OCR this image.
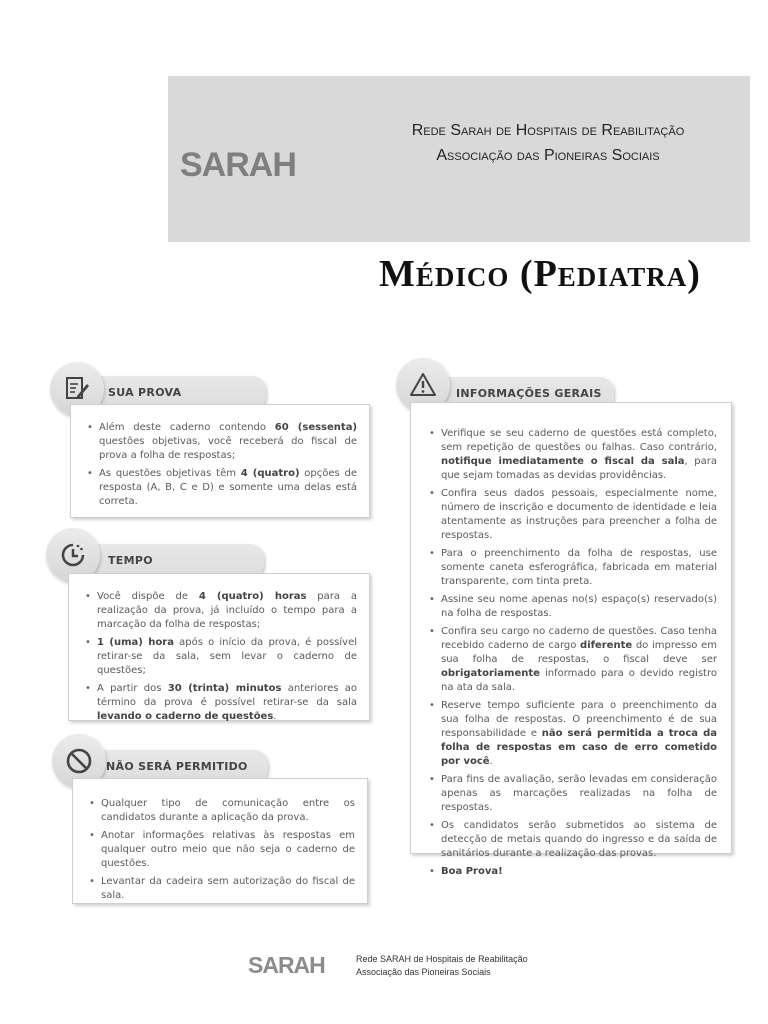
SARAH
Rede Sarah de Hospitais de Reabilitação
Associação das Pioneiras Sociais
Médico (Pediatra)
SUA PROVA
• Além deste caderno contendo 60 (sessenta) questões objetivas, você receberá do fiscal de prova a folha de respostas;
• As questões objetivas têm 4 (quatro) opções de resposta (A, B, C e D) e somente uma delas está correta.
TEMPO
• Você dispõe de 4 (quatro) horas para a realização da prova, já incluído o tempo para a marcação da folha de respostas;
• 1 (uma) hora após o início da prova, é possível retirar-se da sala, sem levar o caderno de questões;
• A partir dos 30 (trinta) minutos anteriores ao término da prova é possível retirar-se da sala levando o caderno de questões.
NÃO SERÁ PERMITIDO
• Qualquer tipo de comunicação entre os candidatos durante a aplicação da prova.
• Anotar informações relativas às respostas em qualquer outro meio que não seja o caderno de questões.
• Levantar da cadeira sem autorização do fiscal de sala.
INFORMAÇÕES GERAIS
• Verifique se seu caderno de questões está completo, sem repetição de questões ou falhas. Caso contrário, notifique imediatamente o fiscal da sala, para que sejam tomadas as devidas providências.
• Confira seus dados pessoais, especialmente nome, número de inscrição e documento de identidade e leia atentamente as instruções para preencher a folha de respostas.
• Para o preenchimento da folha de respostas, use somente caneta esferográfica, fabricada em material transparente, com tinta preta.
• Assine seu nome apenas no(s) espaço(s) reservado(s) na folha de respostas.
• Confira seu cargo no caderno de questões. Caso tenha recebido caderno de cargo diferente do impresso em sua folha de respostas, o fiscal deve ser obrigatoriamente informado para o devido registro na ata da sala.
• Reserve tempo suficiente para o preenchimento da sua folha de respostas. O preenchimento é de sua responsabilidade e não será permitida a troca da folha de respostas em caso de erro cometido por você.
• Para fins de avaliação, serão levadas em consideração apenas as marcações realizadas na folha de respostas.
• Os candidatos serão submetidos ao sistema de detecção de metais quando do ingresso e da saída de sanitários durante a realização das provas.
• Boa Prova!
SARAH	Rede SARAH de Hospitais de Reabilitação
Associação das Pioneiras Sociais
